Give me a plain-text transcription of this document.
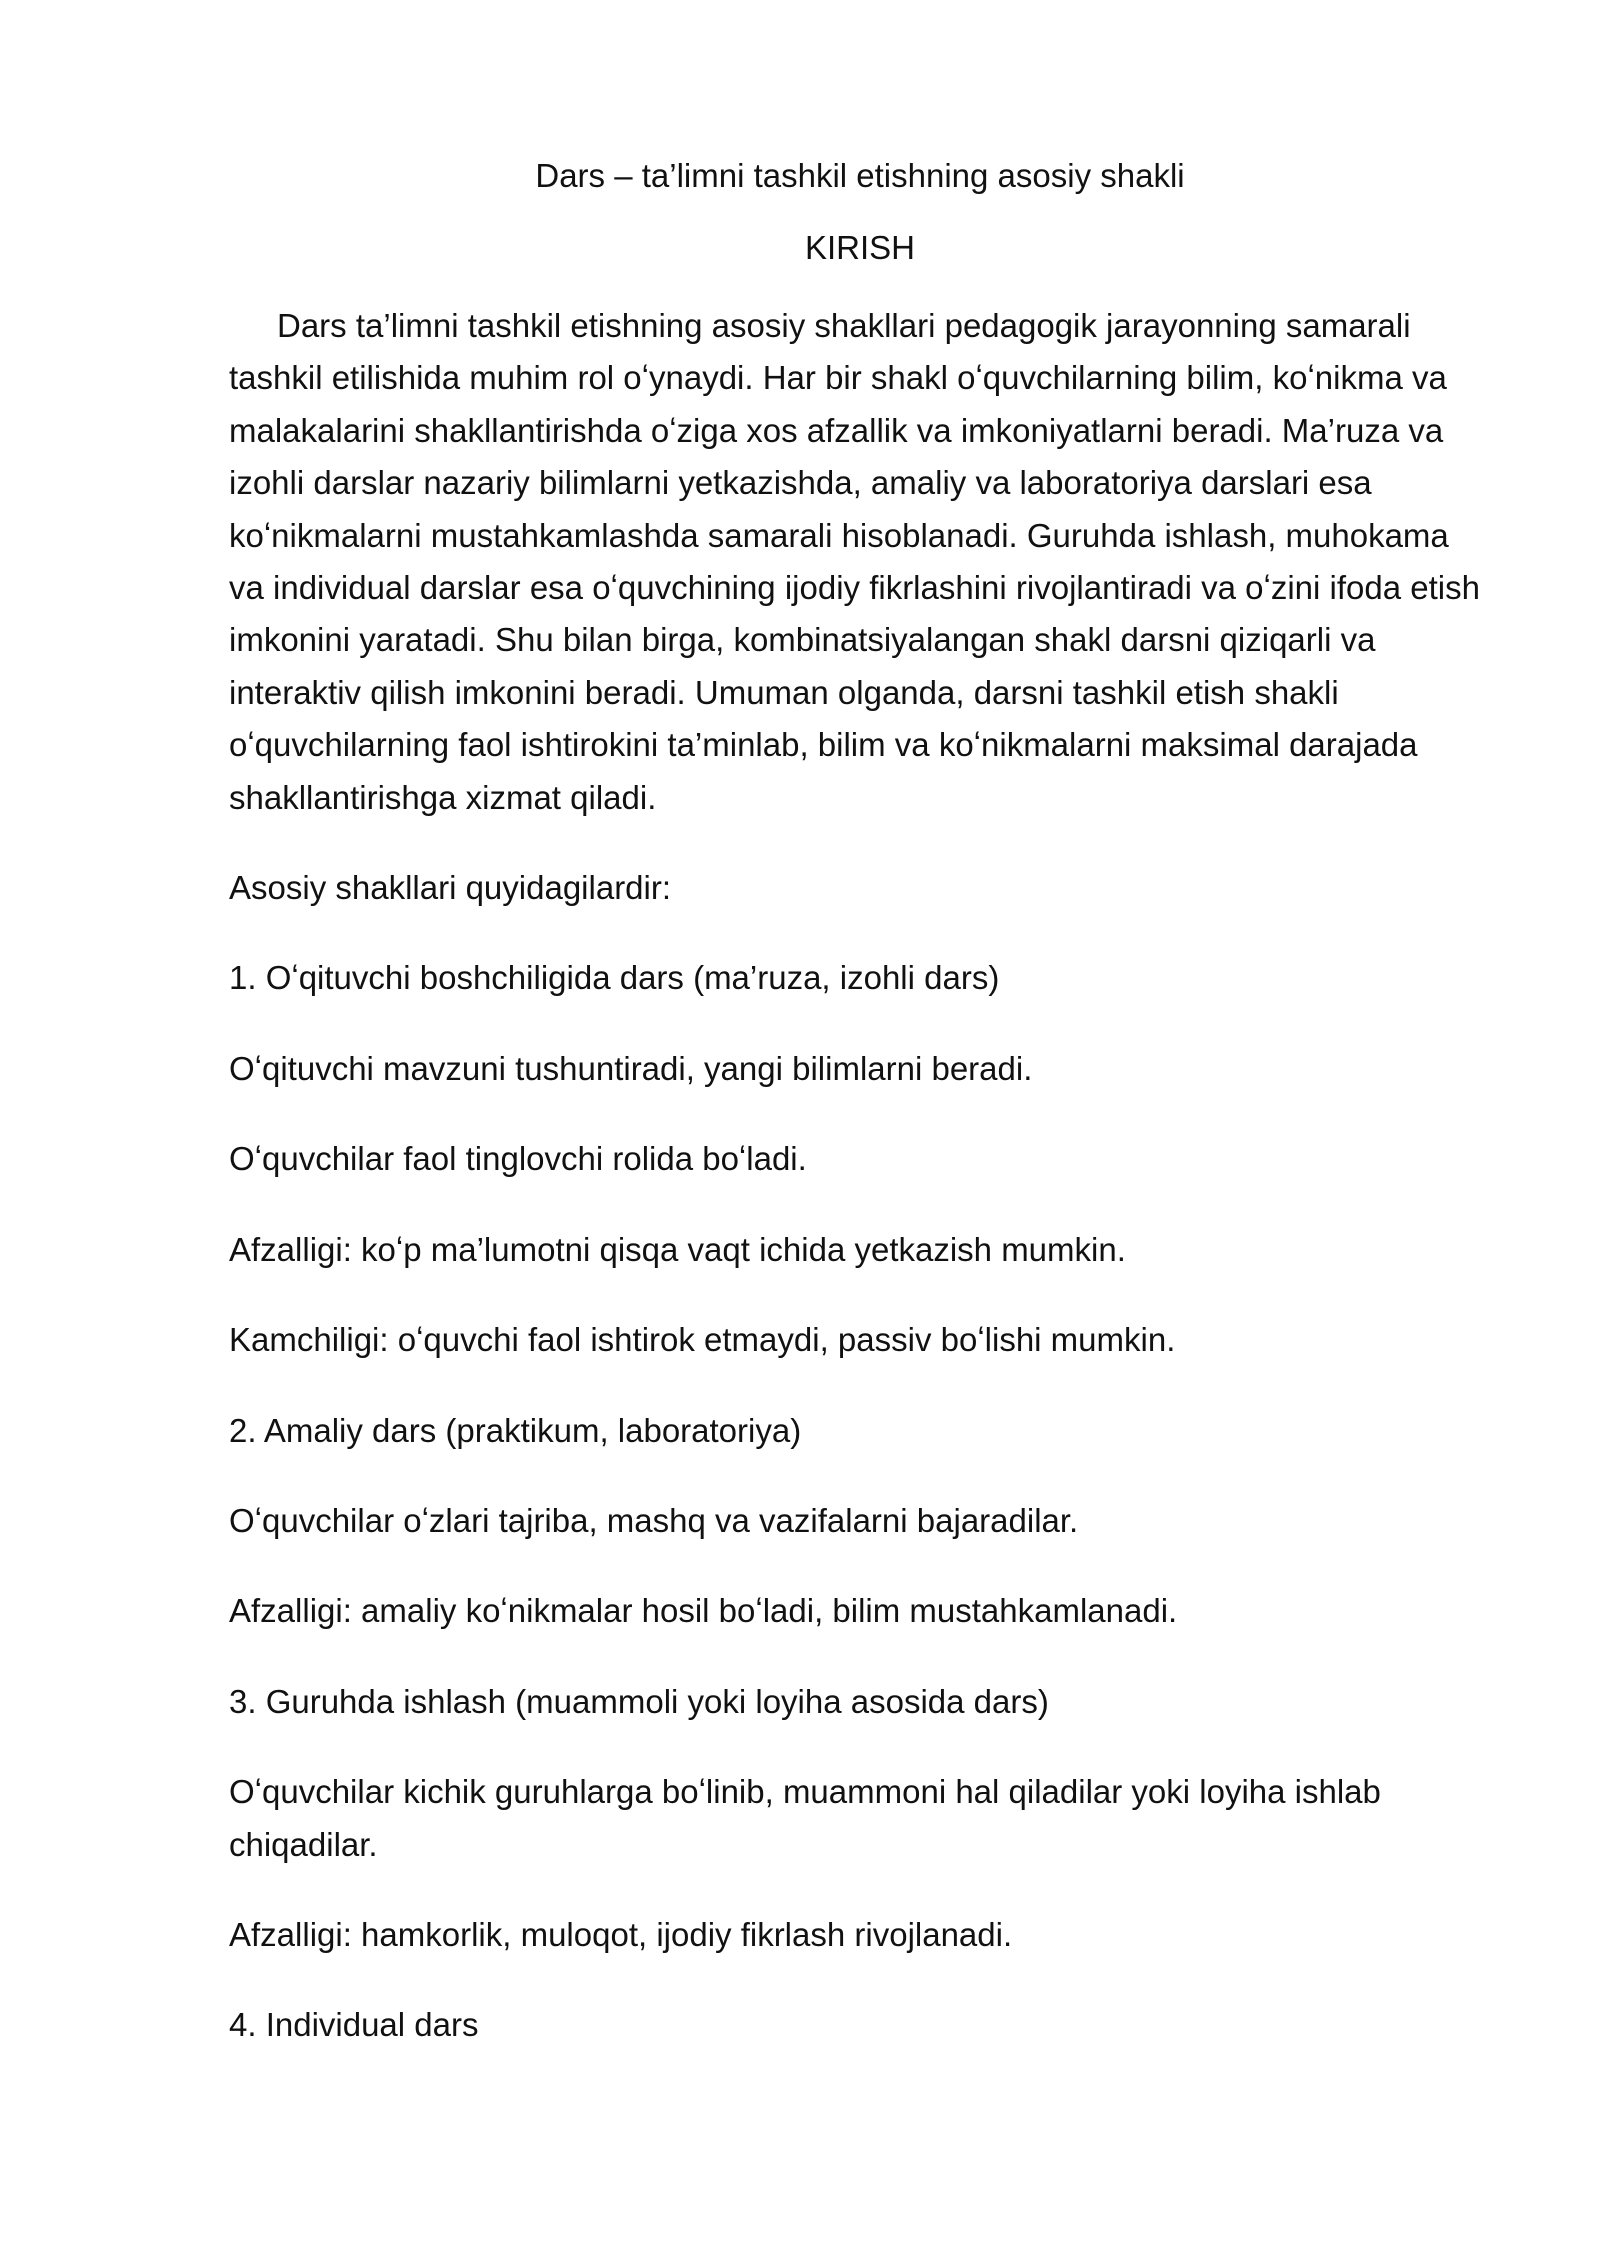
Dars – ta’limni tashkil etishning asosiy shakli

KIRISH

Dars ta’limni tashkil etishning asosiy shakllari pedagogik jarayonning samarali tashkil etilishida muhim rol oʻynaydi. Har bir shakl oʻquvchilarning bilim, koʻnikma va malakalarini shakllantirishda oʻziga xos afzallik va imkoniyatlarni beradi. Ma’ruza va izohli darslar nazariy bilimlarni yetkazishda, amaliy va laboratoriya darslari esa koʻnikmalarni mustahkamlashda samarali hisoblanadi. Guruhda ishlash, muhokama va individual darslar esa oʻquvchining ijodiy fikrlashini rivojlantiradi va oʻzini ifoda etish imkonini yaratadi. Shu bilan birga, kombinatsiyalangan shakl darsni qiziqarli va interaktiv qilish imkonini beradi. Umuman olganda, darsni tashkil etish shakli oʻquvchilarning faol ishtirokini ta’minlab, bilim va koʻnikmalarni maksimal darajada shakllantirishga xizmat qiladi.

Asosiy shakllari quyidagilardir:

1. Oʻqituvchi boshchiligida dars (ma’ruza, izohli dars)

Oʻqituvchi mavzuni tushuntiradi, yangi bilimlarni beradi.

Oʻquvchilar faol tinglovchi rolida boʻladi.

Afzalligi: koʻp ma’lumotni qisqa vaqt ichida yetkazish mumkin.

Kamchiligi: oʻquvchi faol ishtirok etmaydi, passiv boʻlishi mumkin.

2. Amaliy dars (praktikum, laboratoriya)

Oʻquvchilar oʻzlari tajriba, mashq va vazifalarni bajaradilar.

Afzalligi: amaliy koʻnikmalar hosil boʻladi, bilim mustahkamlanadi.

3. Guruhda ishlash (muammoli yoki loyiha asosida dars)

Oʻquvchilar kichik guruhlarga boʻlinib, muammoni hal qiladilar yoki loyiha ishlab chiqadilar.

Afzalligi: hamkorlik, muloqot, ijodiy fikrlash rivojlanadi.

4. Individual dars
